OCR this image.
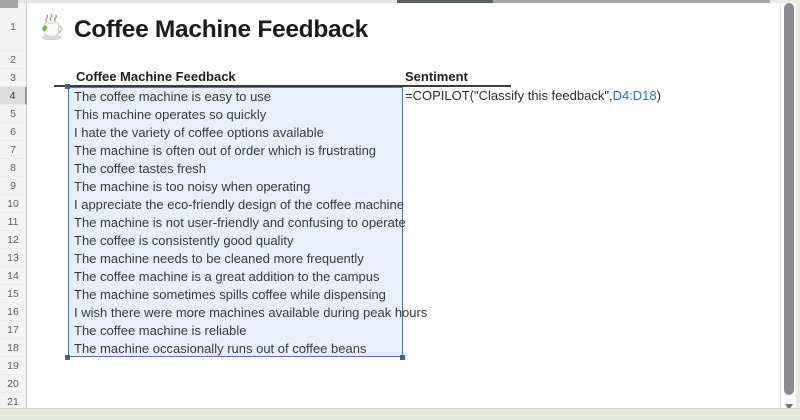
1
2
3
4
5
6
7
8
9
10
11
12
13
14
15
16
17
18
19
20
21
Coffee Machine Feedback
Coffee Machine Feedback	Sentiment
The coffee machine is easy to use
This machine operates so quickly
I hate the variety of coffee options available
The machine is often out of order which is frustrating
The coffee tastes fresh
The machine is too noisy when operating
I appreciate the eco-friendly design of the coffee machine
The machine is not user-friendly and confusing to operate
The coffee is consistently good quality
The machine needs to be cleaned more frequently
The coffee machine is a great addition to the campus
The machine sometimes spills coffee while dispensing
I wish there were more machines available during peak hours
The coffee machine is reliable
The machine occasionally runs out of coffee beans
=COPILOT("Classify this feedback",D4:D18)
